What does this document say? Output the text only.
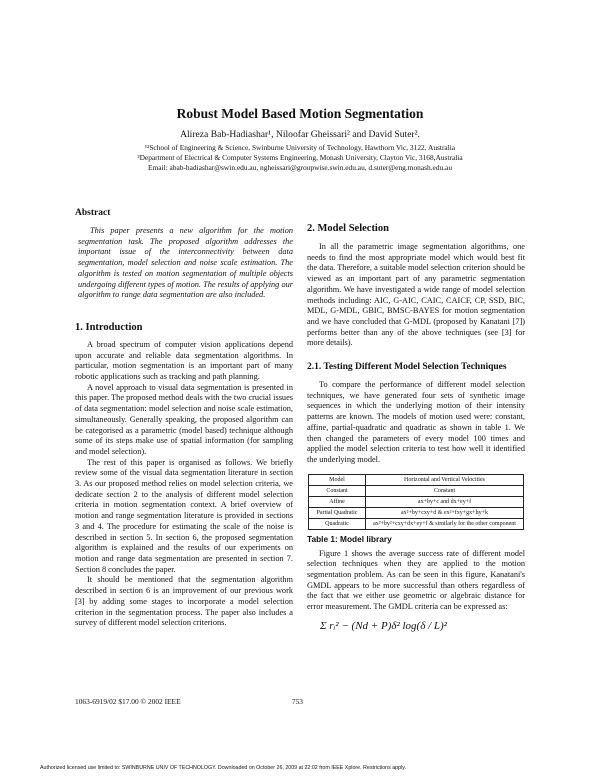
Robust Model Based Motion Segmentation
Alireza Bab-Hadiashar¹, Niloofar Gheissari² and David Suter².
¹²School of Engineering & Science, Swinburne University of Technology, Hawthorn Vic, 3122, Australia
²Department of Electrical & Computer Systems Engineering, Monash University, Clayton Vic, 3168,Australia
Email: abab-hadiashar@swin.edu.au, ngheissari@groupwise.swin.edu.au, d.suter@eng.monash.edu.au
Abstract

This paper presents a new algorithm for the motion segmentation task. The proposed algorithm addresses the important issue of the interconnectivity between data segmentation, model selection and noise scale estimation. The algorithm is tested on motion segmentation of multiple objects undergoing different types of motion. The results of applying our algorithm to range data segmentation are also included.

1. Introduction

A broad spectrum of computer vision applications depend upon accurate and reliable data segmentation algorithms. In particular, motion segmentation is an important part of many robotic applications such as tracking and path planning.

A novel approach to visual data segmentation is presented in this paper. The proposed method deals with the two crucial issues of data segmentation: model selection and noise scale estimation, simultaneously. Generally speaking, the proposed algorithm can be categorised as a parametric (model based) technique although some of its steps make use of spatial information (for sampling and model selection).

The rest of this paper is organised as follows. We briefly review some of the visual data segmentation literature in section 3. As our proposed method relies on model selection criteria, we dedicate section 2 to the analysis of different model selection criteria in motion segmentation context. A brief overview of motion and range segmentation literature is provided in sections 3 and 4. The procedure for estimating the scale of the noise is described in section 5. In section 6, the proposed segmentation algorithm is explained and the results of our experiments on motion and range data segmentation are presented in section 7. Section 8 concludes the paper.

It should be mentioned that the segmentation algorithm described in section 6 is an improvement of our previous work [3] by adding some stages to incorporate a model selection criterion in the segmentation process. The paper also includes a survey of different model selection criterions.

1063-6919/02 $17.00 © 2002 IEEE	753
2. Model Selection

In all the parametric image segmentation algorithms, one needs to find the most appropriate model which would best fit the data. Therefore, a suitable model selection criterion should be viewed as an important part of any parametric segmentation algorithm. We have investigated a wide range of model selection methods including: AIC, G-AIC, CAIC, CAICF, CP, SSD, BIC, MDL, G-MDL, GBIC, BMSC-BAYES for motion segmentation and we have concluded that G-MDL (proposed by Kanatani [7]) performs better than any of the above techniques (see [3] for more details).

2.1. Testing Different Model Selection Techniques

To compare the performance of different model selection techniques, we have generated four sets of synthetic image sequences in which the underlying motion of their intensity patterns are known. The models of motion used were: constant, affine, partial-quadratic and quadratic as shown in table 1. We then changed the parameters of every model 100 times and applied the model selection criteria to test how well it identified the underlying model.

Model	Horizontal and Vertical Velocities
Constant	Constant
Affine	ax+by+c and dx+ey+f
Partial Quadratic	ax²+by+cxy+d & ex²+fxy+gx+hy+k
Quadratic	ax²+by²+cxy+dx+ey+f & similarly for the other component
Table 1: Model library

Figure 1 shows the average success rate of different model selection techniques when they are applied to the motion segmentation problem. As can be seen in this figure, Kanatani's GMDL appears to be more successful than others regardless of the fact that we either use geometric or algebraic distance for error measurement. The GMDL criteria can be expressed as:

Σ rᵢ² − (Nd + P)δ² log(δ / L)²
Authorized licensed use limited to: SWINBURNE UNIV OF TECHNOLOGY. Downloaded on October 26, 2009 at 22:02 from IEEE Xplore. Restrictions apply.
